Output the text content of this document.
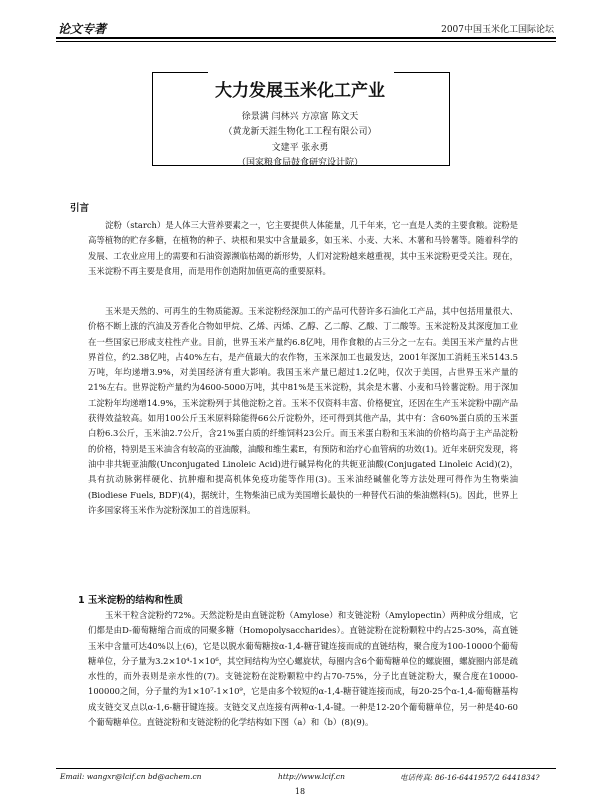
论文专著	2007中国玉米化工国际论坛
大力发展玉米化工产业
徐景满 闫林兴 方凉富 陈文天
（黄龙新天涯生物化工工程有限公司）
文建平 张永勇
（国家粮食局鼓食研究设计院）
引言

淀粉（starch）是人体三大营养要素之一，它主要提供人体能量，几千年来，它一直是人类的主要食粮。淀粉是高等植物的贮存多糖，在植物的种子、块根和果实中含量最多，如玉米、小麦、大米、木薯和马铃薯等。随着科学的发展、工农业应用上的需要和石油资源濒临枯竭的新形势，人们对淀粉越来越重视，其中玉米淀粉更受关注。现在，玉米淀粉不再主要是食用，而是用作创造附加值更高的重要原料。

玉米是天然的、可再生的生物质能源。玉米淀粉经深加工的产品可代替许多石油化工产品，其中包括用量很大、价格不断上涨的汽油及芳香化合物如甲烷、乙烯、丙烯、乙醇、乙二醇、乙酸、丁二酸等。玉米淀粉及其深度加工业在一些国家已形成支柱性产业。目前，世界玉米产量约6.8亿吨，用作食粮的占三分之一左右。美国玉米产量约占世界首位，约2.38亿吨，占40%左右，是产值最大的农作物，玉米深加工也最发达，2001年深加工消耗玉米5143.5万吨，年均递增3.9%，对美国经济有重大影响。我国玉米产量已超过1.2亿吨，仅次于美国，占世界玉米产量的21%左右。世界淀粉产量约为4600-5000万吨，其中81%是玉米淀粉，其余是木薯、小麦和马铃薯淀粉。用于深加工淀粉年均递增14.9%，玉米淀粉列于其他淀粉之首。玉米不仅资料丰富、价格便宜，还因在生产玉米淀粉中副产品获得效益较高。如用100公斤玉米原料除能得66公斤淀粉外，还可得到其他产品，其中有：含60%蛋白质的玉米蛋白粉6.3公斤，玉米油2.7公斤，含21%蛋白质的纤维饲料23公斤。而玉米蛋白粉和玉米油的价格均高于主产品淀粉的价格，特别是玉米油含有较高的亚油酸，油酸和维生素E，有预防和治疗心血管病的功效(1)。近年来研究发现，将油中非共轭亚油酸(Unconjugated Linoleic Acid)进行碱异构化的共轭亚油酸(Conjugated Linoleic Acid)(2)，具有抗动脉粥样硬化、抗肿瘤和提高机体免疫功能等作用(3)。玉米油经碱催化等方法处理可得作为生物柴油(Biodiese Fuels, BDF)(4)，据统计，生物柴油已成为美国增长最快的一种替代石油的柴油燃料(5)。因此，世界上许多国家将玉米作为淀粉深加工的首选原料。

1 玉米淀粉的结构和性质

玉米干粒含淀粉约72%。天然淀粉是由直链淀粉（Amylose）和支链淀粉（Amylopectin）两种成分组成，它们都是由D-葡萄糖缩合而成的同聚多糖（Homopolysaccharides）。直链淀粉在淀粉颗粒中约占25-30%，高直链玉米中含量可达40%以上(6)，它是以脱水葡萄糖按α-1,4-糖苷键连接而成的直链结构，聚合度为100-10000个葡萄糖单位，分子量为3.2×10⁴-1×10⁶，其空间结构为空心螺旋状，每圈内含6个葡萄糖单位的螺旋圈，螺旋圈内部是疏水性的，而外表则是亲水性的(7)。支链淀粉在淀粉颗粒中约占70-75%，分子比直链淀粉大，聚合度在10000-100000之间，分子量约为1×10⁷-1×10⁹，它是由多个较短的α-1,4-糖苷键连接而成，每20-25个α-1,4-葡萄糖基构成支链交叉点以α-1,6-糖苷键连接。支链交叉点连接有两种α-1,4-键。一种是12-20个葡萄糖单位，另一种是40-60个葡萄糖单位。直链淀粉和支链淀粉的化学结构如下图（a）和（b）(8)(9)。

Email: wangxr@lcif.cn bd@achem.cn	http://www.lcif.cn	电话传真: 86-16-6441957/2 6441834?
18
